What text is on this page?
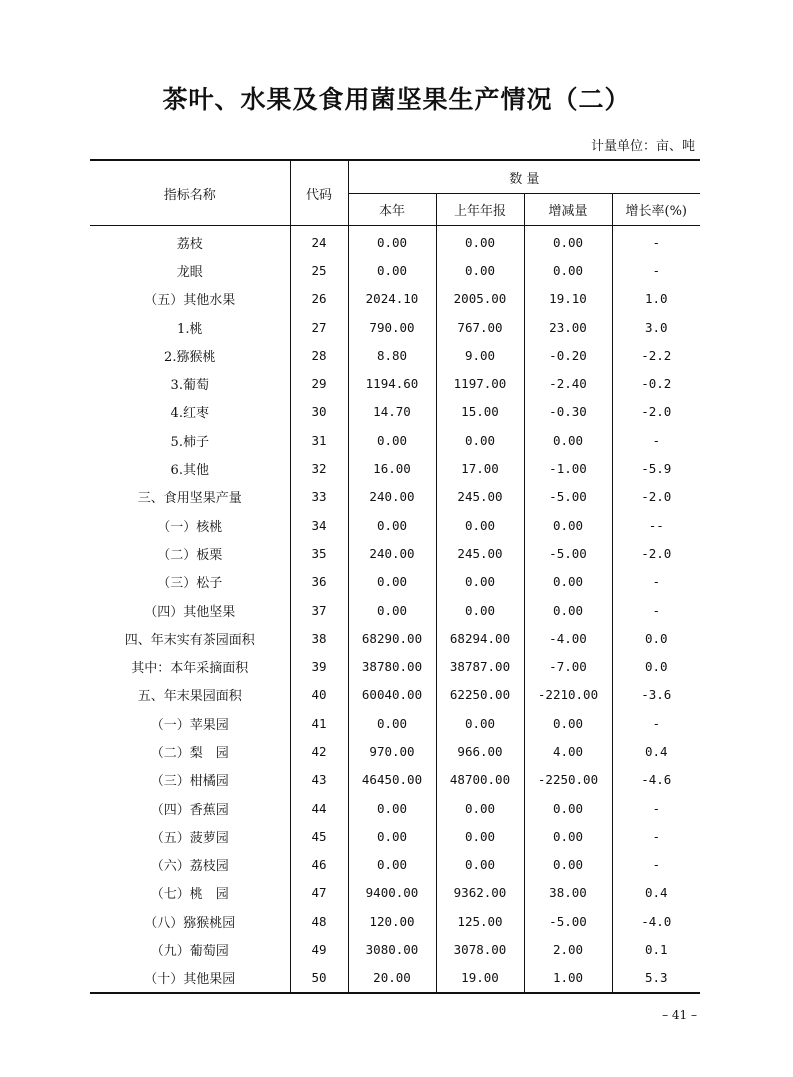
茶叶、水果及食用菌坚果生产情况（二）
计量单位：亩、吨
指标名称	代码	数 量			
		本年	上年年报	增减量	增长率(%)
荔枝	24	0.00	0.00	0.00	-
龙眼	25	0.00	0.00	0.00	-
（五）其他水果	26	2024.10	2005.00	19.10	1.0
1.桃	27	790.00	767.00	23.00	3.0
2.猕猴桃	28	8.80	9.00	-0.20	-2.2
3.葡萄	29	1194.60	1197.00	-2.40	-0.2
4.红枣	30	14.70	15.00	-0.30	-2.0
5.柿子	31	0.00	0.00	0.00	-
6.其他	32	16.00	17.00	-1.00	-5.9
三、食用坚果产量	33	240.00	245.00	-5.00	-2.0
（一）核桃	34	0.00	0.00	0.00	--
（二）板栗	35	240.00	245.00	-5.00	-2.0
（三）松子	36	0.00	0.00	0.00	-
（四）其他坚果	37	0.00	0.00	0.00	-
四、年末实有茶园面积	38	68290.00	68294.00	-4.00	0.0
其中：本年采摘面积	39	38780.00	38787.00	-7.00	0.0
五、年末果园面积	40	60040.00	62250.00	-2210.00	-3.6
（一）苹果园	41	0.00	0.00	0.00	-
（二）梨　园	42	970.00	966.00	4.00	0.4
（三）柑橘园	43	46450.00	48700.00	-2250.00	-4.6
（四）香蕉园	44	0.00	0.00	0.00	-
（五）菠萝园	45	0.00	0.00	0.00	-
（六）荔枝园	46	0.00	0.00	0.00	-
（七）桃　园	47	9400.00	9362.00	38.00	0.4
（八）猕猴桃园	48	120.00	125.00	-5.00	-4.0
（九）葡萄园	49	3080.00	3078.00	2.00	0.1
（十）其他果园	50	20.00	19.00	1.00	5.3
– 41 –
